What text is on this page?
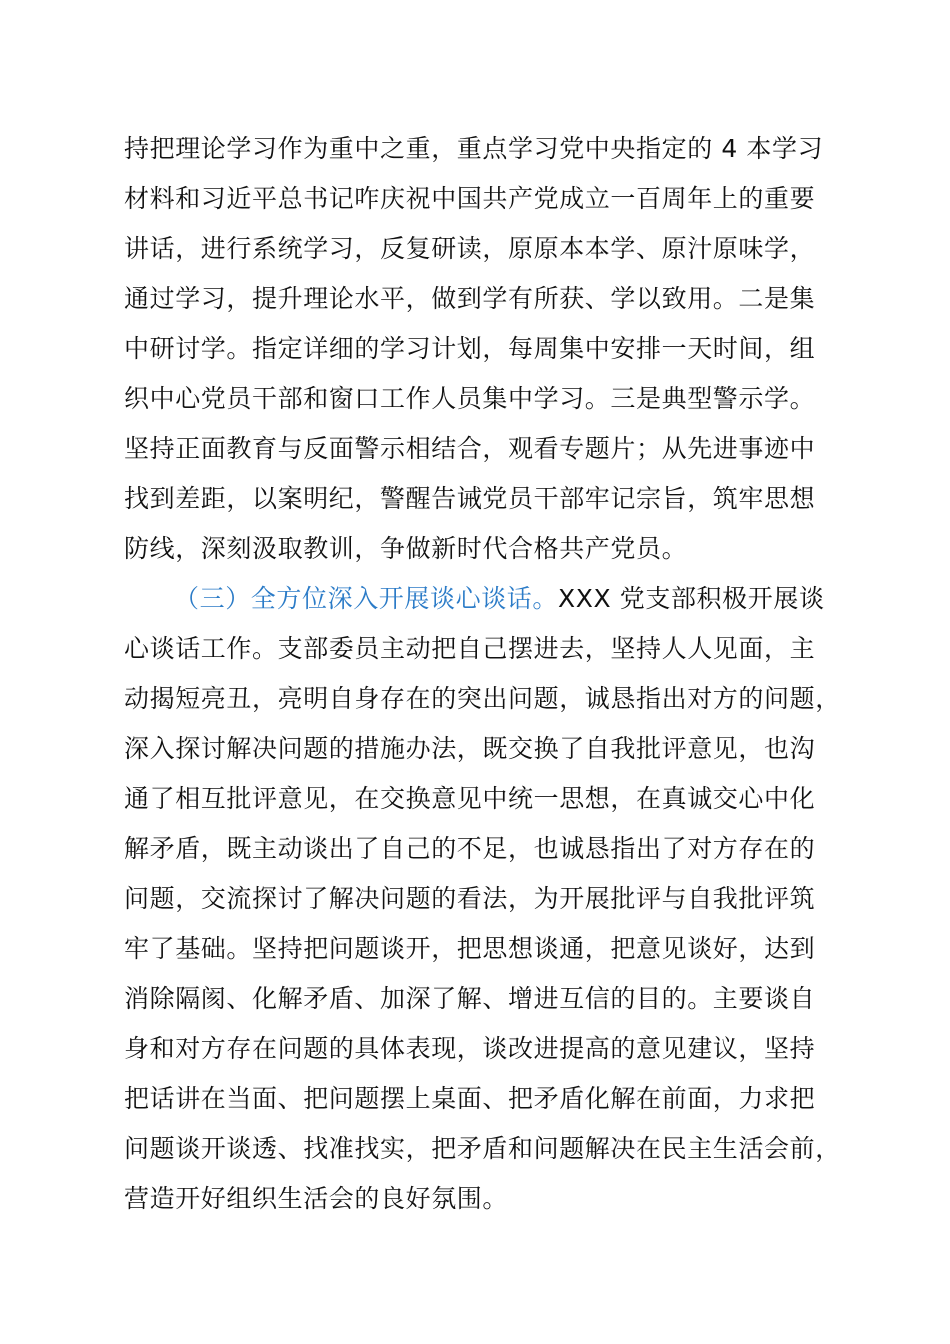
持把理论学习作为重中之重，重点学习党中央指定的 4 本学习
材料和习近平总书记咋庆祝中国共产党成立一百周年上的重要
讲话，进行系统学习，反复研读，原原本本学、原汁原味学，
通过学习，提升理论水平，做到学有所获、学以致用。二是集
中研讨学。指定详细的学习计划，每周集中安排一天时间，组
织中心党员干部和窗口工作人员集中学习。三是典型警示学。
坚持正面教育与反面警示相结合，观看专题片；从先进事迹中
找到差距，以案明纪，警醒告诫党员干部牢记宗旨，筑牢思想
防线，深刻汲取教训，争做新时代合格共产党员。
（三）全方位深入开展谈心谈话。XXX 党支部积极开展谈
心谈话工作。支部委员主动把自己摆进去，坚持人人见面，主
动揭短亮丑，亮明自身存在的突出问题，诚恳指出对方的问题，
深入探讨解决问题的措施办法，既交换了自我批评意见，也沟
通了相互批评意见，在交换意见中统一思想，在真诚交心中化
解矛盾，既主动谈出了自己的不足，也诚恳指出了对方存在的
问题，交流探讨了解决问题的看法，为开展批评与自我批评筑
牢了基础。坚持把问题谈开，把思想谈通，把意见谈好，达到
消除隔阂、化解矛盾、加深了解、增进互信的目的。主要谈自
身和对方存在问题的具体表现，谈改进提高的意见建议，坚持
把话讲在当面、把问题摆上桌面、把矛盾化解在前面，力求把
问题谈开谈透、找准找实，把矛盾和问题解决在民主生活会前，
营造开好组织生活会的良好氛围。
